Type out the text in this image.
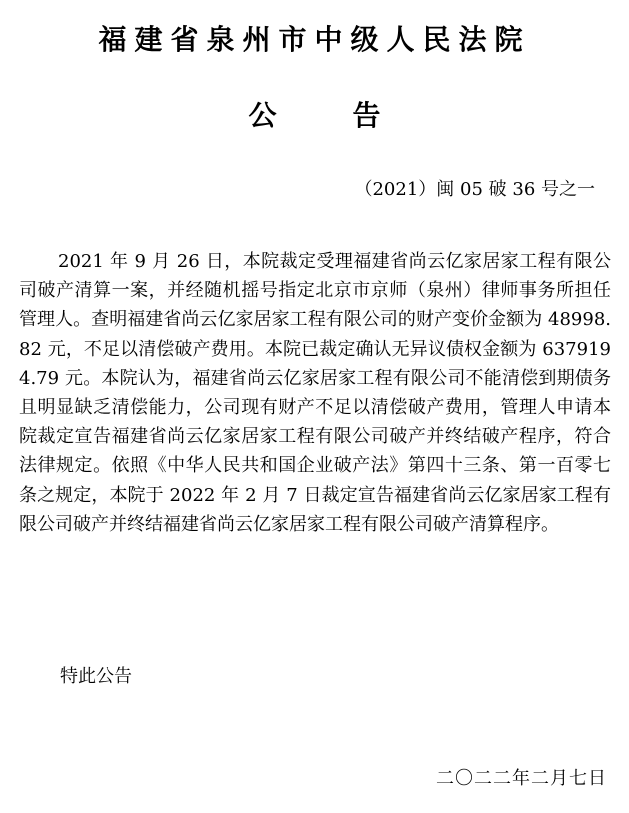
福建省泉州市中级人民法院
公	告
（2021）闽 05 破 36 号之一
2021 年 9 月 26 日，本院裁定受理福建省尚云亿家居家工程有限公司破产清算一案，并经随机摇号指定北京市京师（泉州）律师事务所担任管理人。查明福建省尚云亿家居家工程有限公司的财产变价金额为 48998.82 元，不足以清偿破产费用。本院已裁定确认无异议债权金额为 6379194.79 元。本院认为，福建省尚云亿家居家工程有限公司不能清偿到期债务且明显缺乏清偿能力，公司现有财产不足以清偿破产费用，管理人申请本院裁定宣告福建省尚云亿家居家工程有限公司破产并终结破产程序，符合法律规定。依照《中华人民共和国企业破产法》第四十三条、第一百零七条之规定，本院于 2022 年 2 月 7 日裁定宣告福建省尚云亿家居家工程有限公司破产并终结福建省尚云亿家居家工程有限公司破产清算程序。
特此公告
二〇二二年二月七日
